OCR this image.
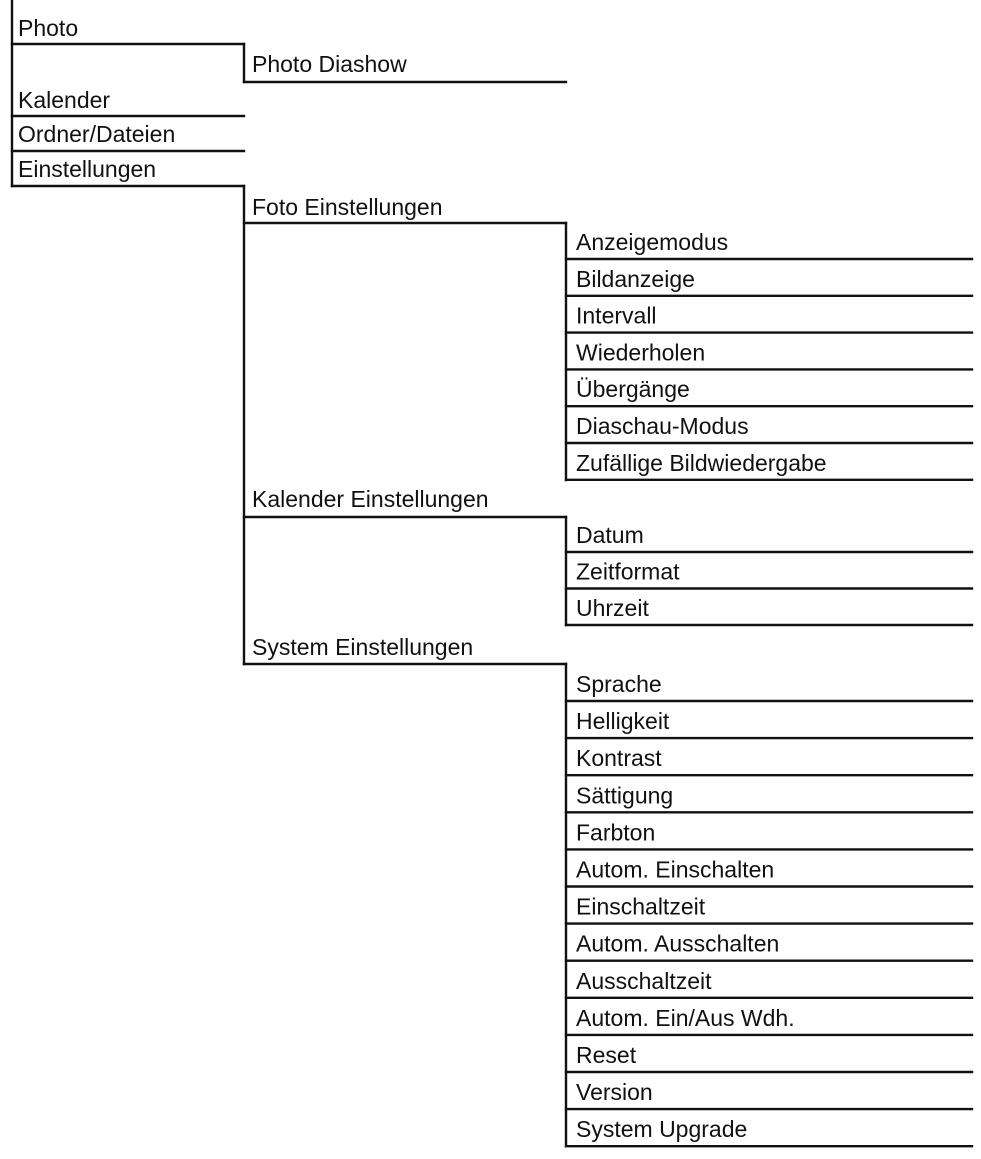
Photo
Photo Diashow
Kalender
Ordner/Dateien
Einstellungen
Foto Einstellungen
Anzeigemodus
Bildanzeige
Intervall
Wiederholen
Übergänge
Diaschau-Modus
Zufällige Bildwiedergabe
Kalender Einstellungen
Datum
Zeitformat
Uhrzeit
System Einstellungen
Sprache
Helligkeit
Kontrast
Sättigung
Farbton
Autom. Einschalten
Einschaltzeit
Autom. Ausschalten
Ausschaltzeit
Autom. Ein/Aus Wdh.
Reset
Version
System Upgrade
